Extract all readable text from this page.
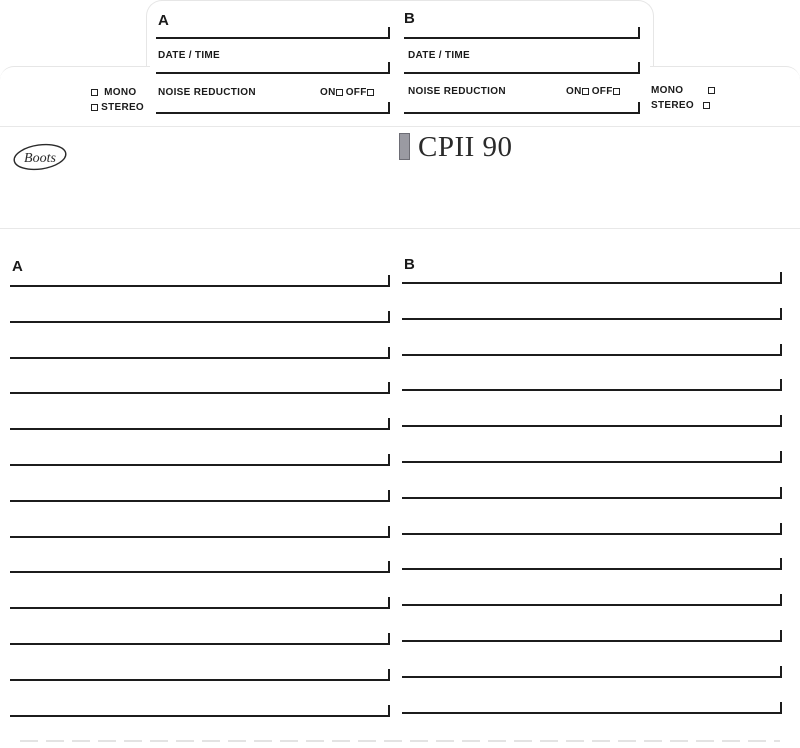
A
DATE / TIME
NOISE REDUCTION	ON OFF
MONO
STEREO
B
DATE / TIME
NOISE REDUCTION	ON OFF	MONO
STEREO
Boots	CPII 90
A	B
